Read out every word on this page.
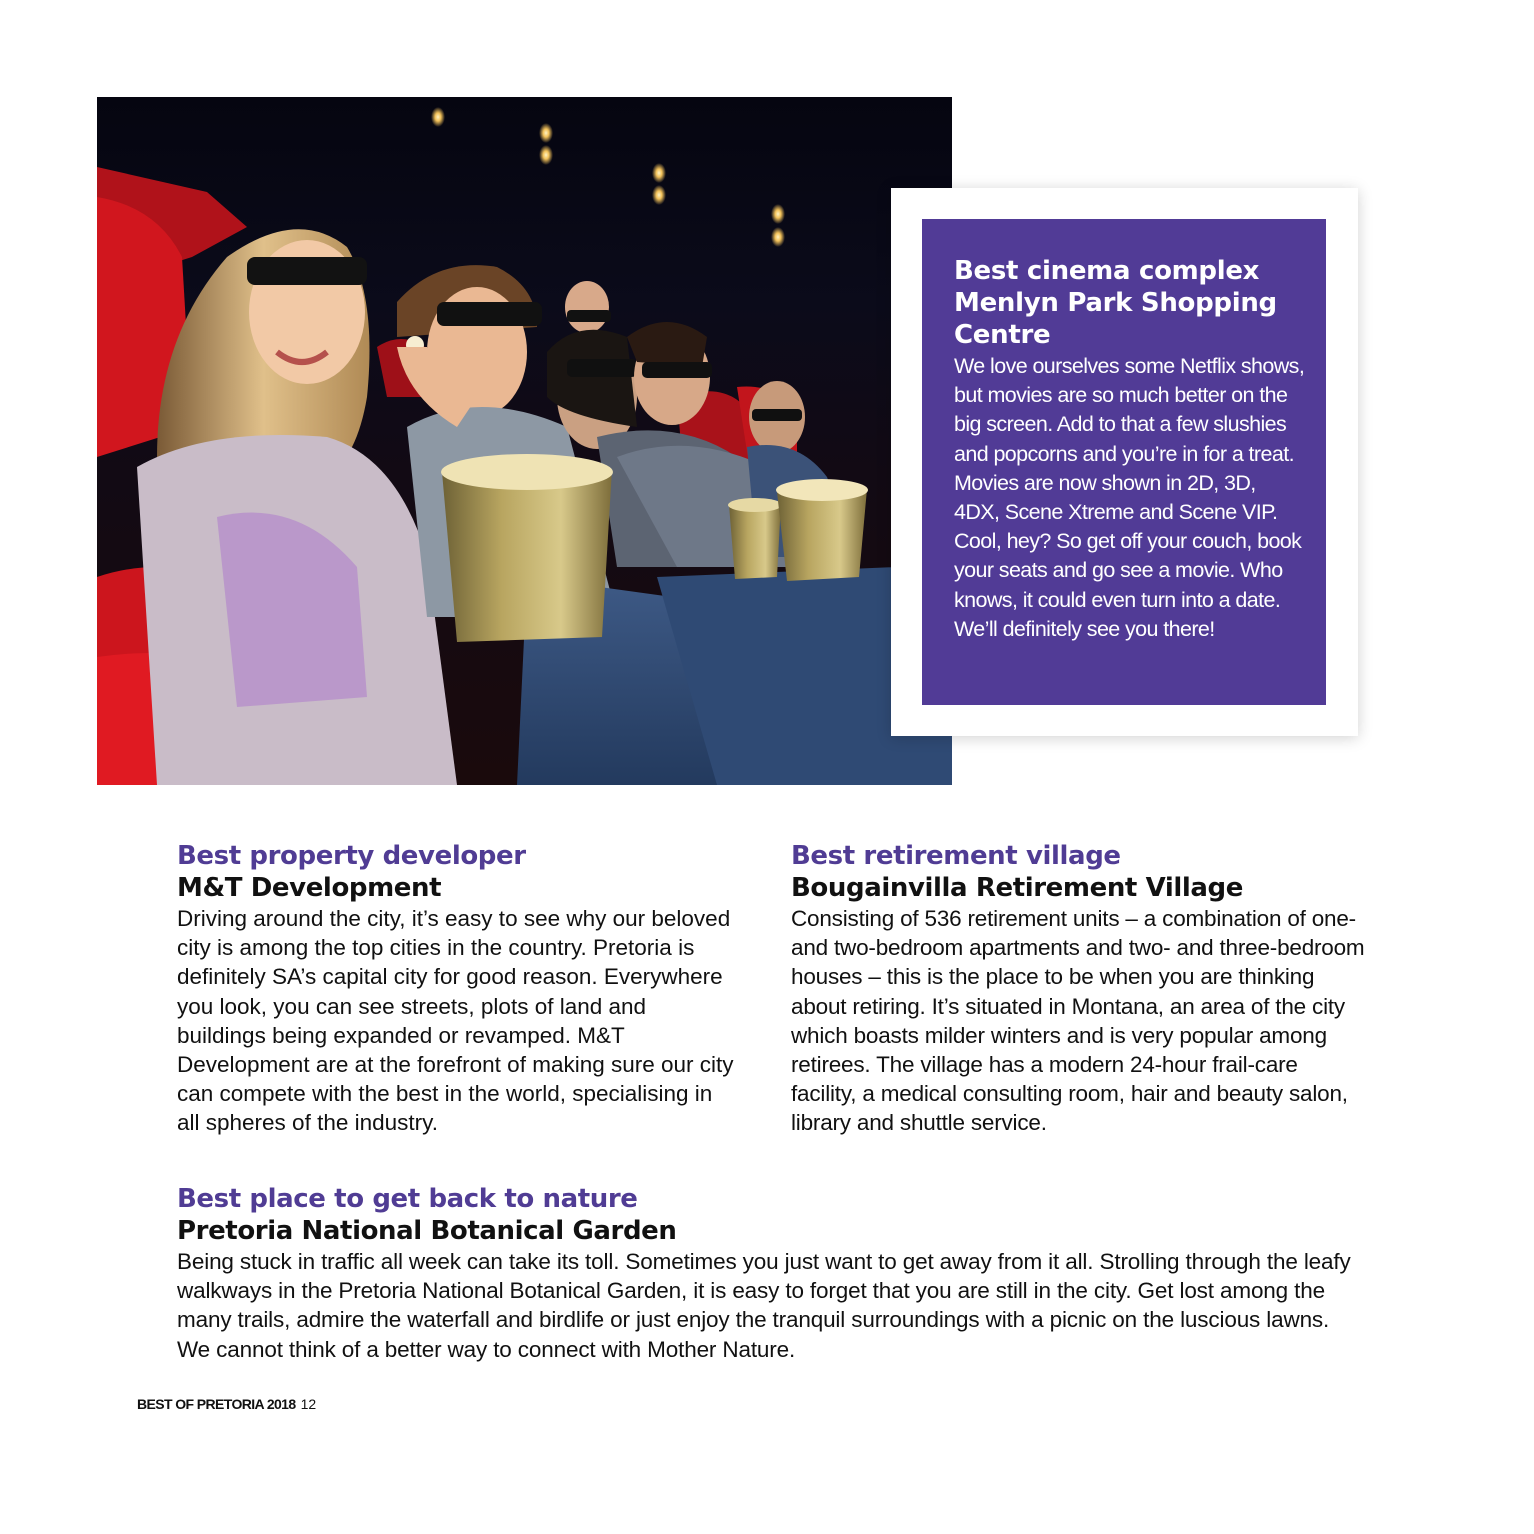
Best cinema complex
Menlyn Park Shopping
Centre
We love ourselves some Netflix shows, but movies are so much better on the big screen. Add to that a few slushies and popcorns and you’re in for a treat. Movies are now shown in 2D, 3D, 4DX, Scene Xtreme and Scene VIP. Cool, hey? So get off your couch, book your seats and go see a movie. Who knows, it could even turn into a date. We’ll definitely see you there!
Best property developer
M&T Development
Driving around the city, it’s easy to see why our beloved city is among the top cities in the country. Pretoria is definitely SA’s capital city for good reason. Everywhere you look, you can see streets, plots of land and buildings being expanded or revamped. M&T Development are at the forefront of making sure our city can compete with the best in the world, specialising in all spheres of the industry.
Best retirement village
Bougainvilla Retirement Village
Consisting of 536 retirement units – a combination of one- and two-bedroom apartments and two- and three-bedroom houses – this is the place to be when you are thinking about retiring. It’s situated in Montana, an area of the city which boasts milder winters and is very popular among retirees. The village has a modern 24-hour frail-care facility, a medical consulting room, hair and beauty salon, library and shuttle service.
Best place to get back to nature
Pretoria National Botanical Garden
Being stuck in traffic all week can take its toll. Sometimes you just want to get away from it all. Strolling through the leafy walkways in the Pretoria National Botanical Garden, it is easy to forget that you are still in the city. Get lost among the many trails, admire the waterfall and birdlife or just enjoy the tranquil surroundings with a picnic on the luscious lawns. We cannot think of a better way to connect with Mother Nature.
BEST OF PRETORIA 2018 12
